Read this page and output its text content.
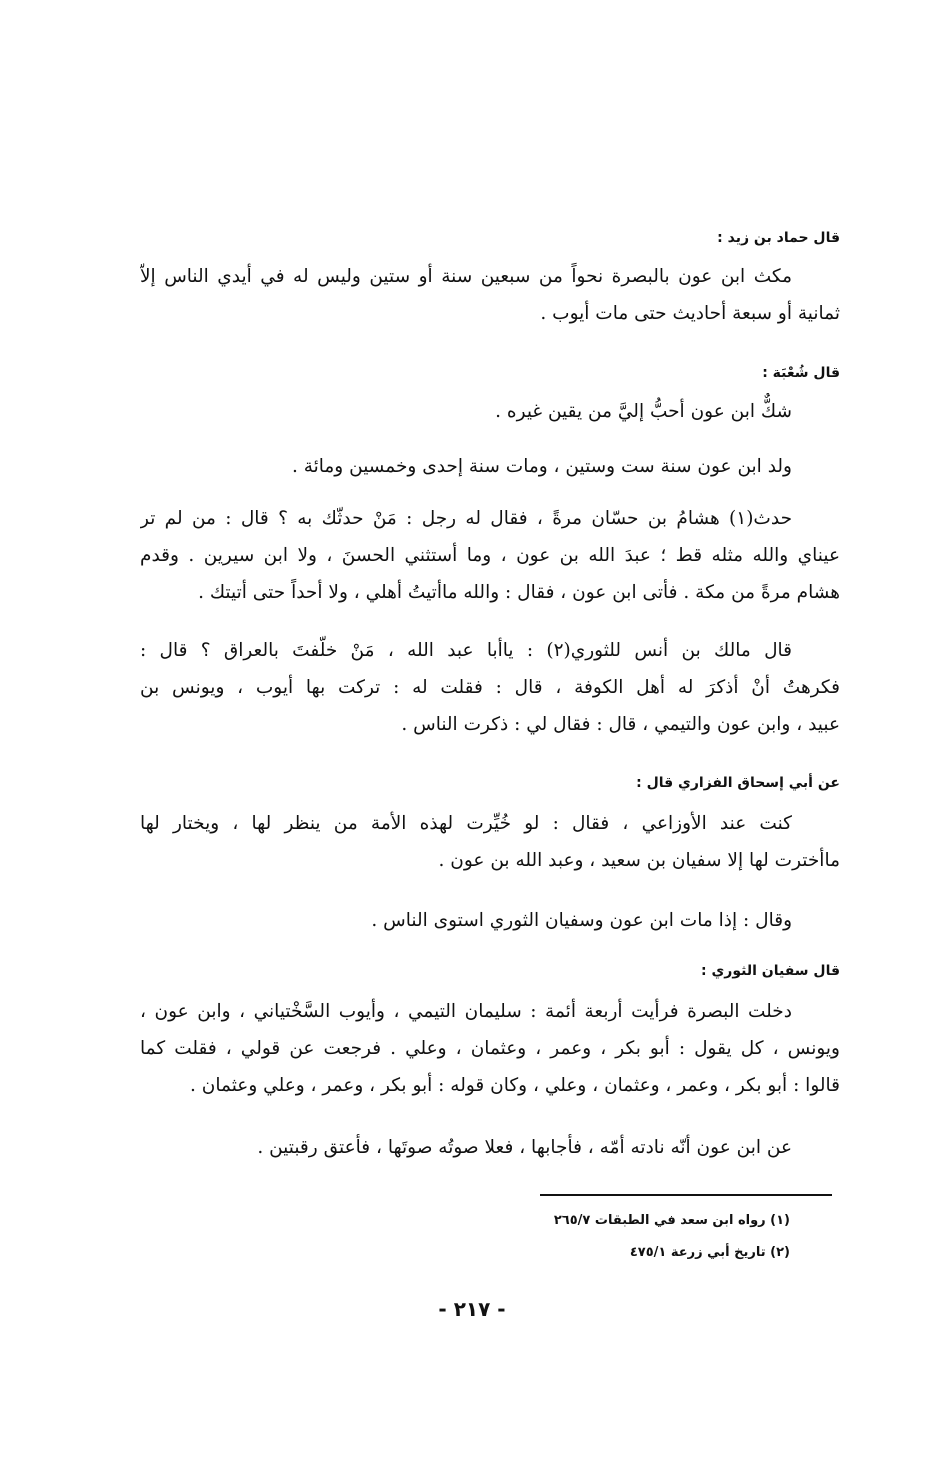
قال حماد بن زيد :
مكث ابن عون بالبصرة نحواً من سبعين سنة أو ستين وليس له في أيدي الناس إلاّ
ثمانية أو سبعة أحاديث حتى مات أيوب .
قال شُعْبَة :
شكٌّ ابن عون أحبُّ إليَّ من يقين غيره .
ولد ابن عون سنة ست وستين ، ومات سنة إحدى وخمسين ومائة .
حدث(١) هشامُ بن حسّان مرةً ، فقال له رجل : مَنْ حدثّك به ؟ قال : من لم تر
عيناي والله مثله قط ؛ عبدَ الله بن عون ، وما أستثني الحسنَ ، ولا ابن سيرين . وقدم
هشام مرةً من مكة . فأتى ابن عون ، فقال : والله ماأتيتُ أهلي ، ولا أحداً حتى أتيتك .
قال مالك بن أنس للثوري(٢) : ياأبا عبد الله ، مَنْ خلّفتَ بالعراق ؟ قال :
فكرهتُ أنْ أذكرَ له أهل الكوفة ، قال : فقلت له : تركت بها أيوب ، ويونس بن
عبيد ، وابن عون والتيمي ، قال : فقال لي : ذكرت الناس .
عن أبي إسحاق الفزاري قال :
كنت عند الأوزاعي ، فقال : لو خُيِّرت لهذه الأمة من ينظر لها ، ويختار لها
ماأخترت لها إلا سفيان بن سعيد ، وعبد الله بن عون .
وقال : إذا مات ابن عون وسفيان الثوري استوى الناس .
قال سفيان الثوري :
دخلت البصرة فرأيت أربعة أئمة : سليمان التيمي ، وأيوب السَّخْتياني ، وابن عون ،
ويونس ، كل يقول : أبو بكر ، وعمر ، وعثمان ، وعلي . فرجعت عن قولي ، فقلت كما
قالوا : أبو بكر ، وعمر ، وعثمان ، وعلي ، وكان قوله : أبو بكر ، وعمر ، وعلي وعثمان .
عن ابن عون أنّه نادته أمّه ، فأجابها ، فعلا صوتُه صوتَها ، فأعتق رقبتين .
(١) رواه ابن سعد في الطبقات ٢٦٥/٧
(٢) تاريخ أبي زرعة ٤٧٥/١
- ٢١٧ -
